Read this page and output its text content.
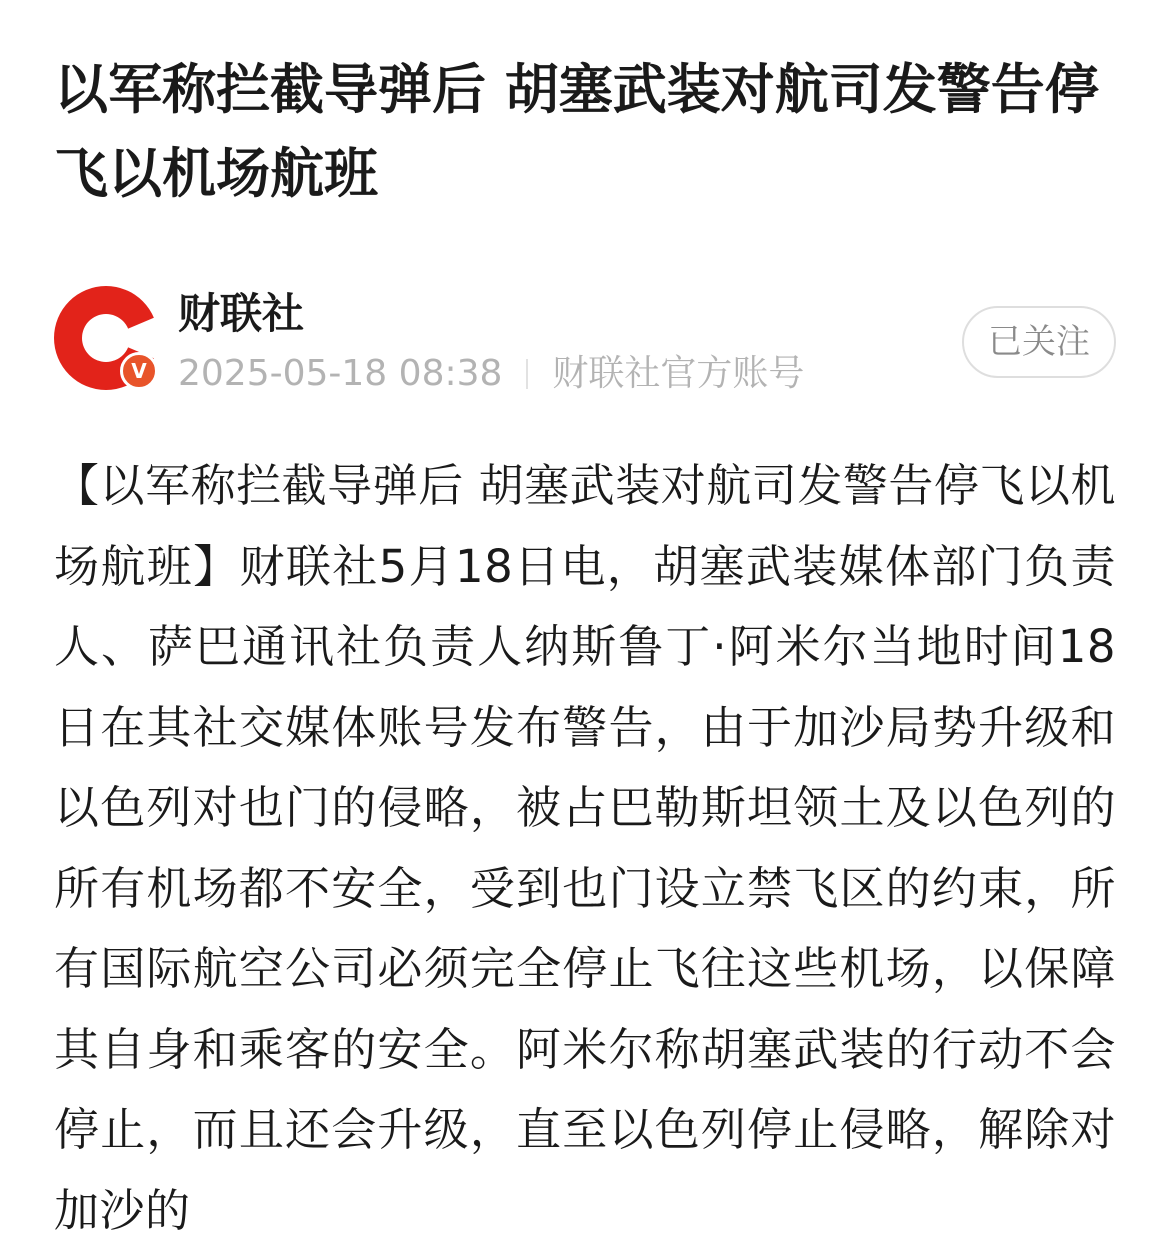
以军称拦截导弹后 胡塞武装对航司发警告停飞以机场航班
V
财联社
2025-05-18 08:38 财联社官方账号
已关注

【以军称拦截导弹后 胡塞武装对航司发警告停飞以机场航班】财联社5月18日电，胡塞武装媒体部门负责人、萨巴通讯社负责人纳斯鲁丁·阿米尔当地时间18日在其社交媒体账号发布警告，由于加沙局势升级和以色列对也门的侵略，被占巴勒斯坦领土及以色列的所有机场都不安全，受到也门设立禁飞区的约束，所有国际航空公司必须完全停止飞往这些机场，以保障其自身和乘客的安全。阿米尔称胡塞武装的行动不会停止，而且还会升级，直至以色列停止侵略，解除对加沙的
